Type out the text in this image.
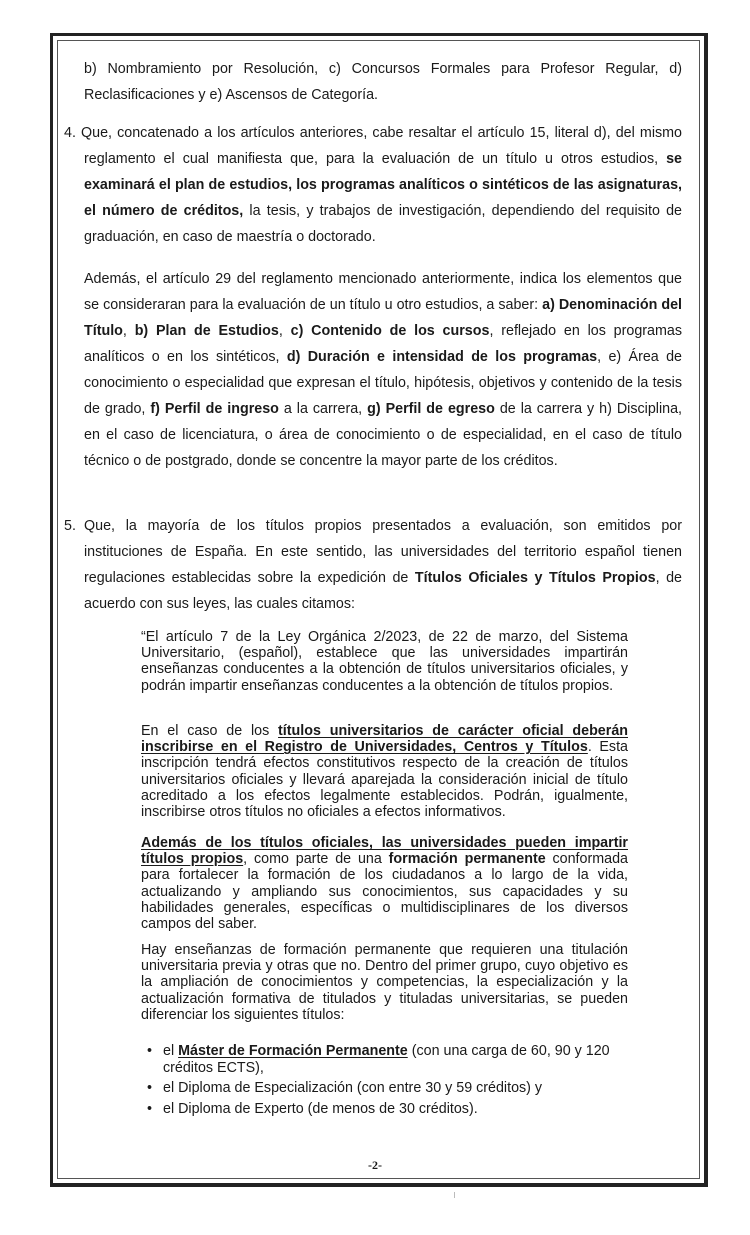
b) Nombramiento por Resolución, c) Concursos Formales para Profesor Regular, d) Reclasificaciones y e) Ascensos de Categoría.

4. Que, concatenado a los artículos anteriores, cabe resaltar el artículo 15, literal d), del mismo reglamento el cual manifiesta que, para la evaluación de un título u otros estudios, se examinará el plan de estudios, los programas analíticos o sintéticos de las asignaturas, el número de créditos, la tesis, y trabajos de investigación, dependiendo del requisito de graduación, en caso de maestría o doctorado.

Además, el artículo 29 del reglamento mencionado anteriormente, indica los elementos que se consideraran para la evaluación de un título u otro estudios, a saber: a) Denominación del Título, b) Plan de Estudios, c) Contenido de los cursos, reflejado en los programas analíticos o en los sintéticos, d) Duración e intensidad de los programas, e) Área de conocimiento o especialidad que expresan el título, hipótesis, objetivos y contenido de la tesis de grado, f) Perfil de ingreso a la carrera, g) Perfil de egreso de la carrera y h) Disciplina, en el caso de licenciatura, o área de conocimiento o de especialidad, en el caso de título técnico o de postgrado, donde se concentre la mayor parte de los créditos.

5. Que, la mayoría de los títulos propios presentados a evaluación, son emitidos por instituciones de España. En este sentido, las universidades del territorio español tienen regulaciones establecidas sobre la expedición de Títulos Oficiales y Títulos Propios, de acuerdo con sus leyes, las cuales citamos:

“El artículo 7 de la Ley Orgánica 2/2023, de 22 de marzo, del Sistema Universitario, (español), establece que las universidades impartirán enseñanzas conducentes a la obtención de títulos universitarios oficiales, y podrán impartir enseñanzas conducentes a la obtención de títulos propios.

En el caso de los títulos universitarios de carácter oficial deberán inscribirse en el Registro de Universidades, Centros y Títulos. Esta inscripción tendrá efectos constitutivos respecto de la creación de títulos universitarios oficiales y llevará aparejada la consideración inicial de título acreditado a los efectos legalmente establecidos. Podrán, igualmente, inscribirse otros títulos no oficiales a efectos informativos.

Además de los títulos oficiales, las universidades pueden impartir títulos propios, como parte de una formación permanente conformada para fortalecer la formación de los ciudadanos a lo largo de la vida, actualizando y ampliando sus conocimientos, sus capacidades y su habilidades generales, específicas o multidisciplinares de los diversos campos del saber.

Hay enseñanzas de formación permanente que requieren una titulación universitaria previa y otras que no. Dentro del primer grupo, cuyo objetivo es la ampliación de conocimientos y competencias, la especialización y la actualización formativa de titulados y tituladas universitarias, se pueden diferenciar los siguientes títulos:

• el Máster de Formación Permanente (con una carga de 60, 90 y 120 créditos ECTS),
• el Diploma de Especialización (con entre 30 y 59 créditos) y
• el Diploma de Experto (de menos de 30 créditos).
-2-
